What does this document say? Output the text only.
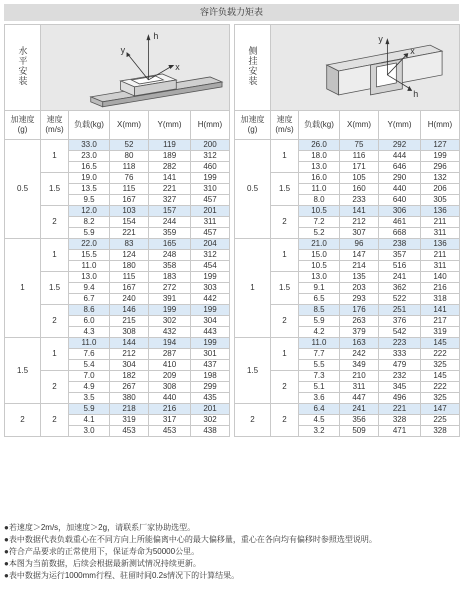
容许负载力矩表
水平安装	h
y
x				

加速度
(g)	速度
(m/s)	负载(kg)	X(mm)	Y(mm)	H(mm)
0.5	1	33.0	52	119	200
		23.0	80	189	312
		16.5	118	282	460
	1.5	19.0	76	141	199
		13.5	115	221	310
		9.5	167	327	457
	2	12.0	103	157	201
		8.2	154	244	311
		5.9	221	359	457
1	1	22.0	83	165	204
		15.5	124	248	312
		11.0	180	358	454
	1.5	13.0	115	183	199
		9.4	167	272	303
		6.7	240	391	442
	2	8.6	146	199	199
		6.0	215	302	304
		4.3	308	432	443
1.5	1	11.0	144	194	199
		7.6	212	287	301
		5.4	304	410	437
	2	7.0	182	209	198
		4.9	267	308	299
		3.5	380	440	435
2	2	5.9	218	216	201
		4.1	319	317	302
		3.0	453	453	438
侧挂安装	y
x
h				

加速度
(g)	速度
(m/s)	负载(kg)	X(mm)	Y(mm)	H(mm)
0.5	1	26.0	75	292	127
		18.0	116	444	199
		13.0	171	646	296
	1.5	16.0	105	290	132
		11.0	160	440	206
		8.0	233	640	305
	2	10.5	141	306	136
		7.2	212	461	211
		5.2	307	668	311
1	1	21.0	96	238	136
		15.0	147	357	211
		10.5	214	516	311
	1.5	13.0	135	241	140
		9.1	203	362	216
		6.5	293	522	318
	2	8.5	176	251	141
		5.9	263	376	217
		4.2	379	542	319
1.5	1	11.0	163	223	145
		7.7	242	333	222
		5.5	349	479	325
	2	7.3	210	232	145
		5.1	311	345	222
		3.6	447	496	325
2	2	6.4	241	221	147
		4.5	356	328	225
		3.2	509	471	328
●若速度＞2m/s，加速度＞2g，请联系厂家协助选型。
●表中数据代表负载重心在不同方向上所能偏离中心的最大偏移量，重心在各向均有偏移时参照选型说明。
●符合产品要求的正常使用下，保证寿命为50000公里。
●本图为当前数据，后续会根据最新测试情况持续更新。
●表中数据为运行1000mm行程、驻留时间0.2s情况下的计算结果。
